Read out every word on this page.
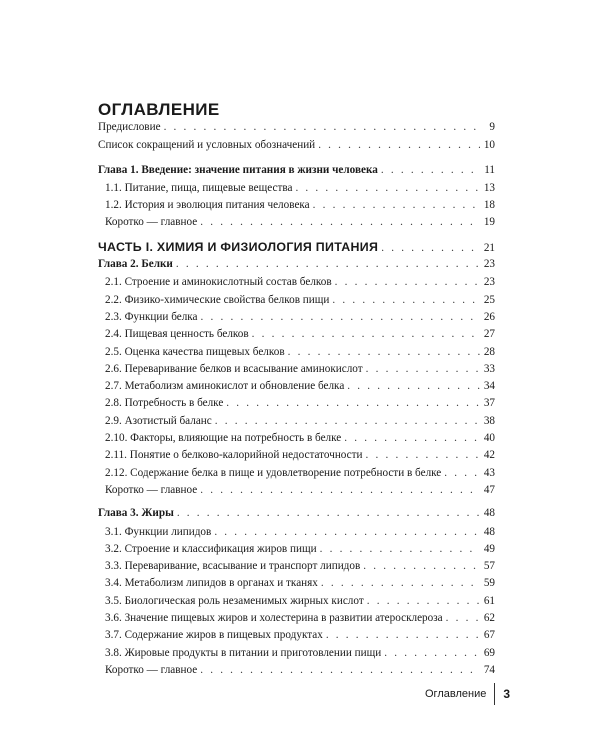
ОГЛАВЛЕНИЕ
Предисловие . . .	9
Список сокращений и условных обозначений . . .	10
Глава 1. Введение: значение питания в жизни человека . . .	11
1.1. Питание, пища, пищевые вещества . . .	13
1.2. История и эволюция питания человека . . .	18
Коротко — главное . . .	19
ЧАСТЬ I. ХИМИЯ И ФИЗИОЛОГИЯ ПИТАНИЯ . . .	21
Глава 2. Белки . . .	23
2.1. Строение и аминокислотный состав белков . . .	23
2.2. Физико-химические свойства белков пищи . . .	25
2.3. Функции белка . . .	26
2.4. Пищевая ценность белков . . .	27
2.5. Оценка качества пищевых белков . . .	28
2.6. Переваривание белков и всасывание аминокислот . . .	33
2.7. Метаболизм аминокислот и обновление белка . . .	34
2.8. Потребность в белке . . .	37
2.9. Азотистый баланс . . .	38
2.10. Факторы, влияющие на потребность в белке . . .	40
2.11. Понятие о белково-калорийной недостаточности . . .	42
2.12. Содержание белка в пище и удовлетворение потребности в белке . . .	43
Коротко — главное . . .	47
Глава 3. Жиры . . .	48
3.1. Функции липидов . . .	48
3.2. Строение и классификация жиров пищи . . .	49
3.3. Переваривание, всасывание и транспорт липидов . . .	57
3.4. Метаболизм липидов в органах и тканях . . .	59
3.5. Биологическая роль незаменимых жирных кислот . . .	61
3.6. Значение пищевых жиров и холестерина в развитии атеросклероза . . .	62
3.7. Содержание жиров в пищевых продуктах . . .	67
3.8. Жировые продукты в питании и приготовлении пищи . . .	69
Коротко — главное . . .	74
Оглавление 3
